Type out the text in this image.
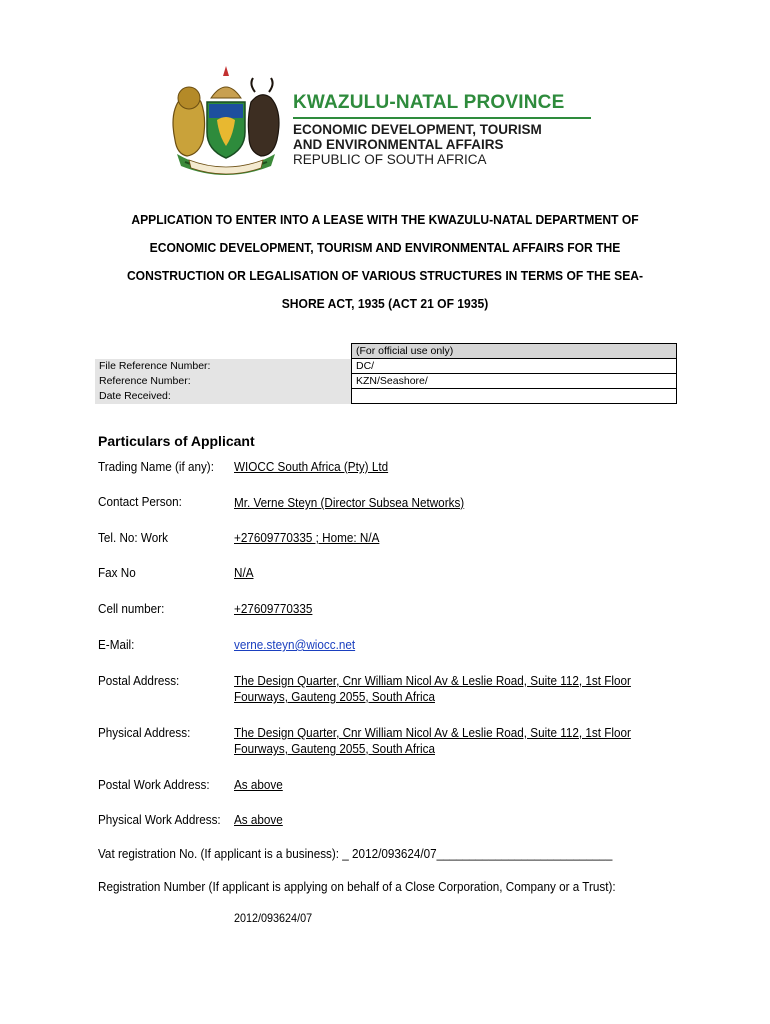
KWAZULU-NATAL PROVINCE
ECONOMIC DEVELOPMENT, TOURISM
AND ENVIRONMENTAL AFFAIRS
REPUBLIC OF SOUTH AFRICA
APPLICATION TO ENTER INTO A LEASE WITH THE KWAZULU-NATAL DEPARTMENT OF
ECONOMIC DEVELOPMENT, TOURISM AND ENVIRONMENTAL AFFAIRS FOR THE
CONSTRUCTION OR LEGALISATION OF VARIOUS STRUCTURES IN TERMS OF THE SEA-
SHORE ACT, 1935 (ACT 21 OF 1935)
	(For official use only)
File Reference Number:	DC/
Reference Number:	KZN/Seashore/
Date Received:	
Particulars of Applicant
Trading Name (if any): WIOCC South Africa (Pty) Ltd
Contact Person:	Mr. Verne Steyn (Director Subsea Networks)
Tel. No: Work	+27609770335 ; Home: N/A
Fax No	N/A
Cell number:	+27609770335
E-Mail:	verne.steyn@wiocc.net
Postal Address:	The Design Quarter, Cnr William Nicol Av & Leslie Road, Suite 112, 1st Floor
Fourways, Gauteng 2055, South Africa
Physical Address:	The Design Quarter, Cnr William Nicol Av & Leslie Road, Suite 112, 1st Floor
Fourways, Gauteng 2055, South Africa
Postal Work Address: As above
Physical Work Address: As above
Vat registration No. (If applicant is a business): _ 2012/093624/07___________________________
Registration Number (If applicant is applying on behalf of a Close Corporation, Company or a Trust):
2012/093624/07
